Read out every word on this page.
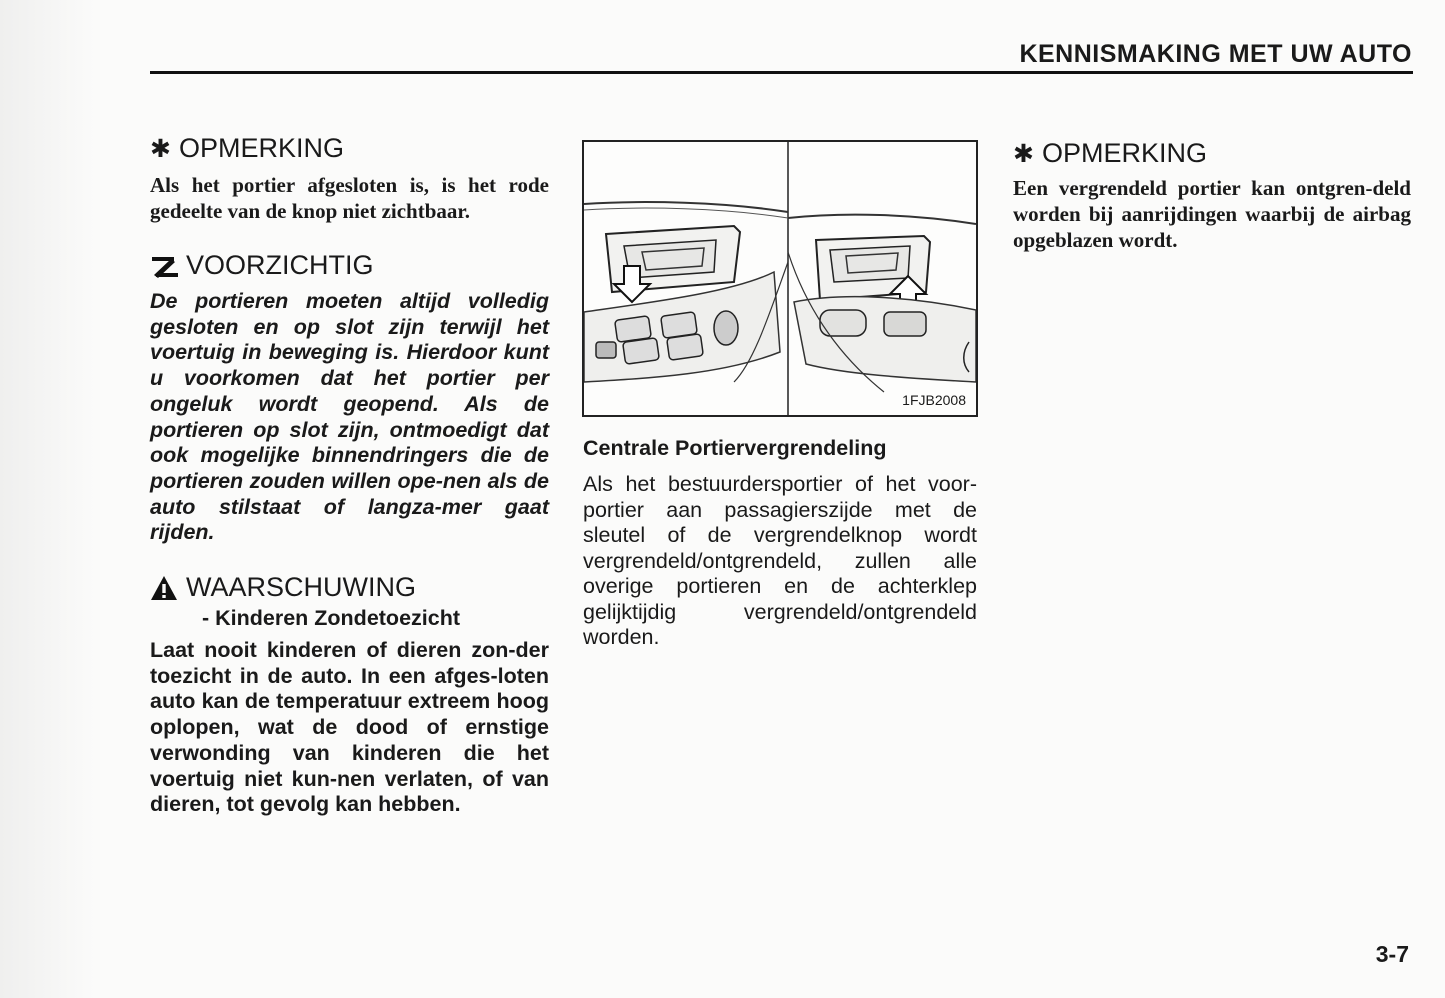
KENNISMAKING MET UW AUTO
✱ OPMERKING

Als het portier afgesloten is, is het rode gedeelte van de knop niet zichtbaar.

VOORZICHTIG

De portieren moeten altijd volledig gesloten en op slot zijn terwijl het voertuig in beweging is. Hierdoor kunt u voorkomen dat het portier per ongeluk wordt geopend. Als de portieren op slot zijn, ontmoedigt dat ook mogelijke binnendringers die de portieren zouden willen ope-nen als de auto stilstaat of langza-mer gaat rijden.

WAARSCHUWING
- Kinderen Zondetoezicht

Laat nooit kinderen of dieren zon-der toezicht in de auto. In een afges-loten auto kan de temperatuur extreem hoog oplopen, wat de dood of ernstige verwonding van kinderen die het voertuig niet kun-nen verlaten, of van dieren, tot gevolg kan hebben.

1FJB2008
Centrale Portiervergrendeling

Als het bestuurdersportier of het voor-portier aan passagierszijde met de sleutel of de vergrendelknop wordt vergrendeld/ontgrendeld, zullen alle overige portieren en de achterklep gelijktijdig vergrendeld/ontgrendeld worden.

✱ OPMERKING

Een vergrendeld portier kan ontgren-deld worden bij aanrijdingen waarbij de airbag opgeblazen wordt.

3-7
